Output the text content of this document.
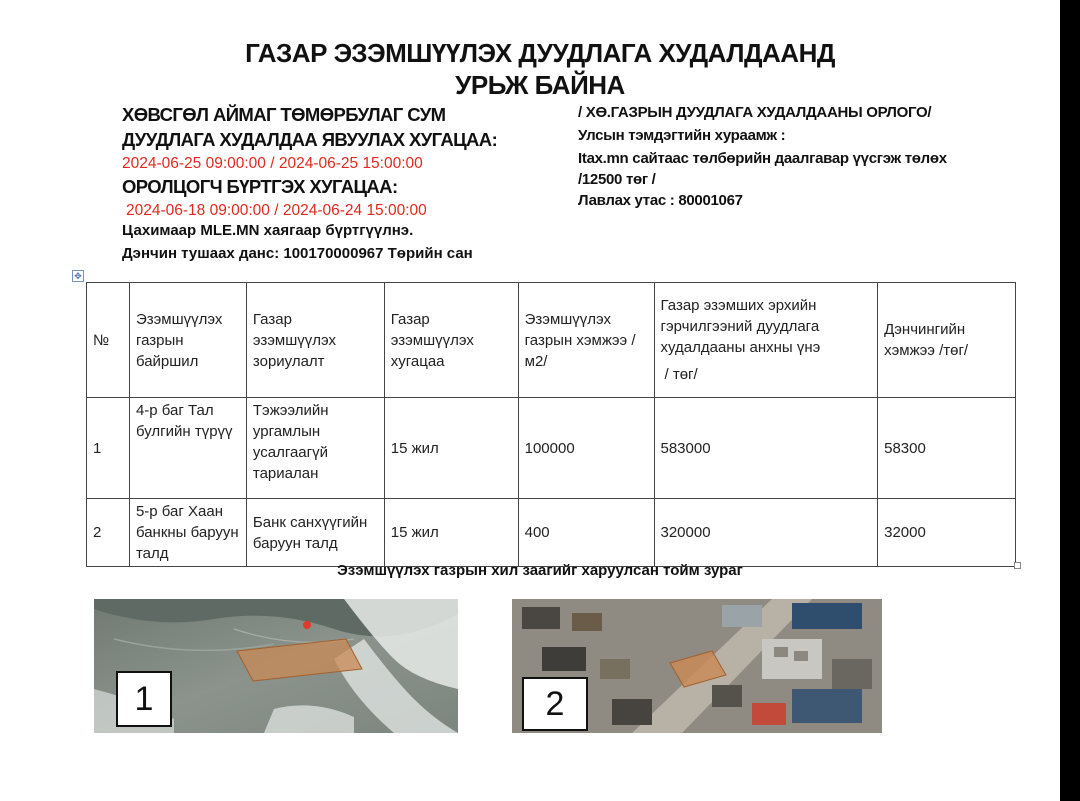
ГАЗАР ЭЗЭМШҮҮЛЭХ ДУУДЛАГА ХУДАЛДААНД
УРЬЖ БАЙНА
ХӨВСГӨЛ АЙМАГ ТӨМӨРБУЛАГ СУМ
ДУУДЛАГА ХУДАЛДАА ЯВУУЛАХ ХУГАЦАА:
2024-06-25 09:00:00 / 2024-06-25 15:00:00
ОРОЛЦОГЧ БҮРТГЭХ ХУГАЦАА:
2024-06-18 09:00:00 / 2024-06-24 15:00:00
Цахимаар MLE.MN хаягаар бүртгүүлнэ.
Дэнчин тушаах данс: 100170000967 Төрийн сан
/ ХӨ.ГАЗРЫН ДУУДЛАГА ХУДАЛДААНЫ ОРЛОГО/
Улсын тэмдэгтийн хураамж :
Itax.mn сайтаас төлбөрийн даалгавар үүсгэж төлөх
/12500 төг /
Лавлах утас : 80001067
✥
№	Эзэмшүүлэх газрын байршил	Газар эзэмшүүлэх зориулалт	Газар эзэмшүүлэх хугацаа	Эзэмшүүлэх газрын хэмжээ /м2/	Газар эзэмших эрхийн гэрчилгээний дуудлага худалдааны анхны үнэ
/ төг/	Дэнчингийн хэмжээ /төг/
1	4-р баг Тал булгийн түрүү	Тэжээлийн ургамлын усалгаагүй тариалан	15 жил	100000	583000	58300
2	5-р баг Хаан банкны баруун талд	Банк санхүүгийн баруун талд	15 жил	400	320000	32000
Эзэмшүүлэх газрын хил заагийг харуулсан тойм зураг
1	2
